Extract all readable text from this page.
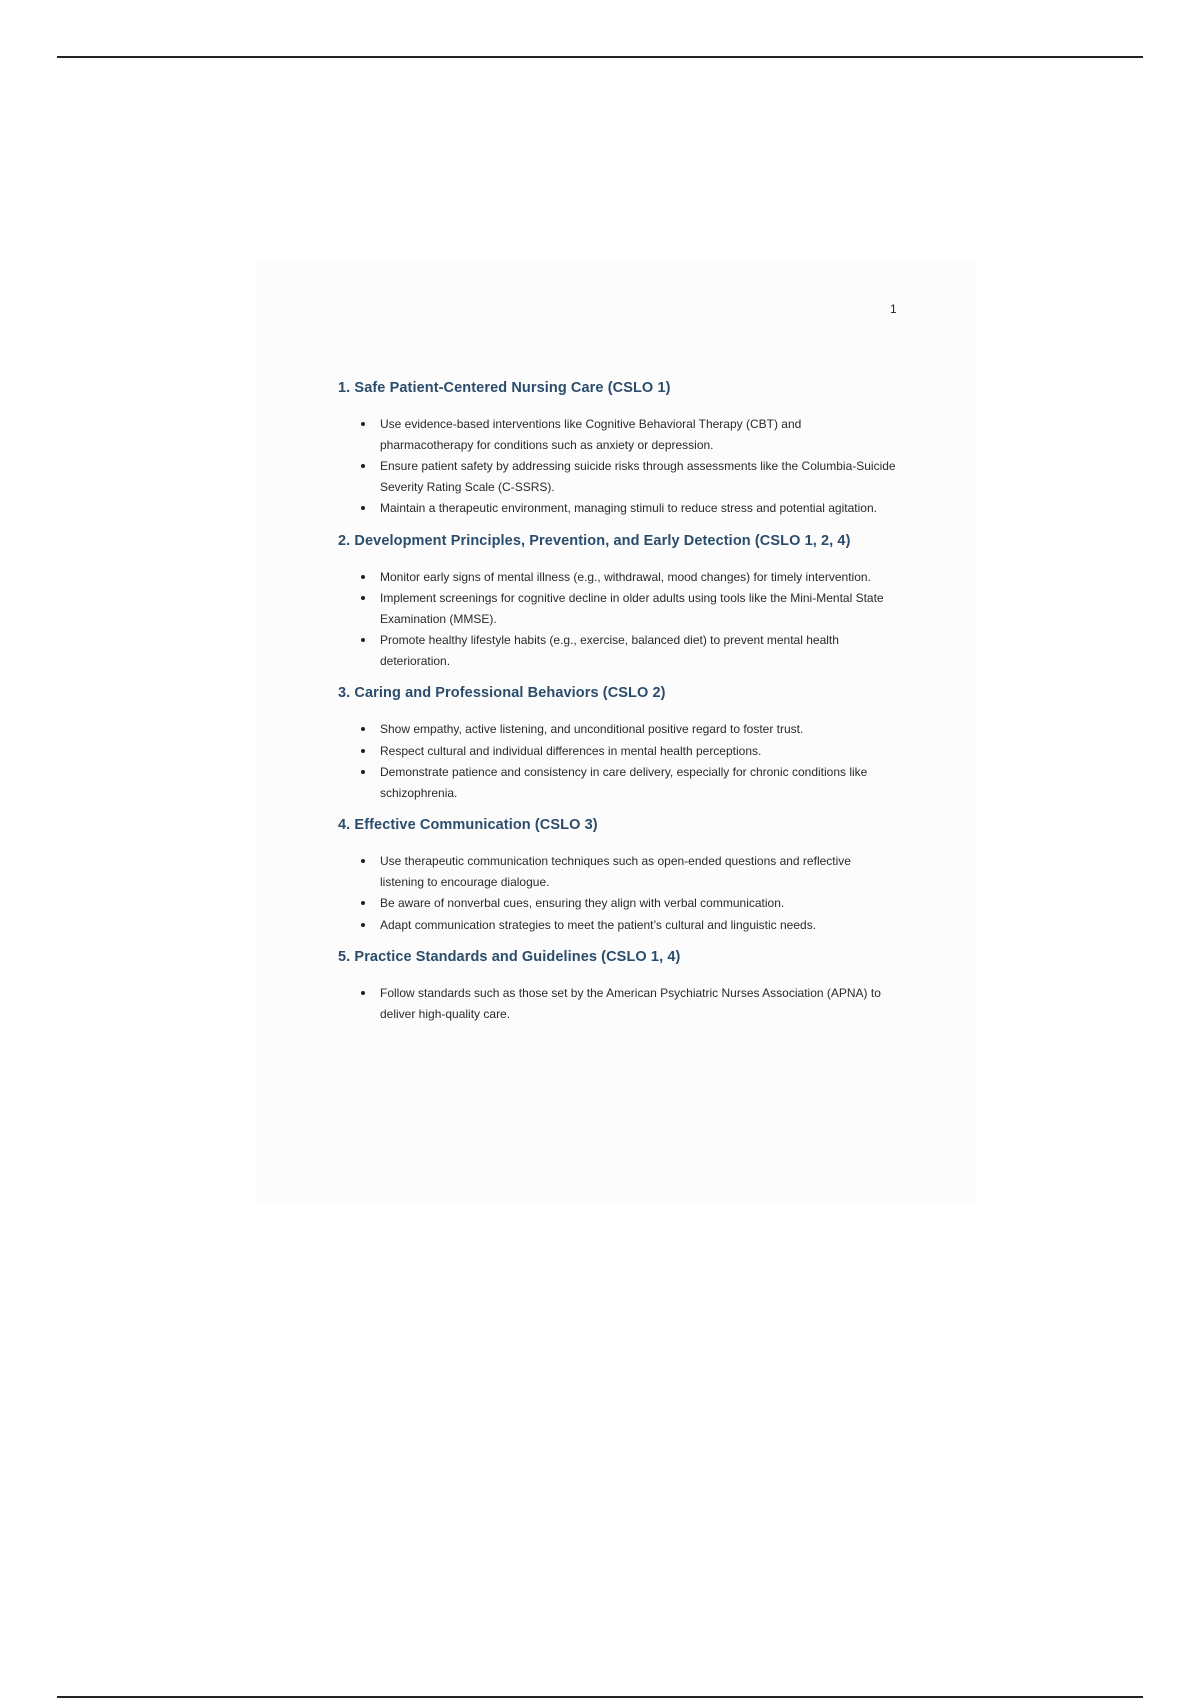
1
1. Safe Patient-Centered Nursing Care (CSLO 1)
Use evidence-based interventions like Cognitive Behavioral Therapy (CBT) and pharmacotherapy for conditions such as anxiety or depression.
Ensure patient safety by addressing suicide risks through assessments like the Columbia-Suicide Severity Rating Scale (C-SSRS).
Maintain a therapeutic environment, managing stimuli to reduce stress and potential agitation.
2. Development Principles, Prevention, and Early Detection (CSLO 1, 2, 4)
Monitor early signs of mental illness (e.g., withdrawal, mood changes) for timely intervention.
Implement screenings for cognitive decline in older adults using tools like the Mini-Mental State Examination (MMSE).
Promote healthy lifestyle habits (e.g., exercise, balanced diet) to prevent mental health deterioration.
3. Caring and Professional Behaviors (CSLO 2)
Show empathy, active listening, and unconditional positive regard to foster trust.
Respect cultural and individual differences in mental health perceptions.
Demonstrate patience and consistency in care delivery, especially for chronic conditions like schizophrenia.
4. Effective Communication (CSLO 3)
Use therapeutic communication techniques such as open-ended questions and reflective listening to encourage dialogue.
Be aware of nonverbal cues, ensuring they align with verbal communication.
Adapt communication strategies to meet the patient’s cultural and linguistic needs.
5. Practice Standards and Guidelines (CSLO 1, 4)
Follow standards such as those set by the American Psychiatric Nurses Association (APNA) to deliver high-quality care.
